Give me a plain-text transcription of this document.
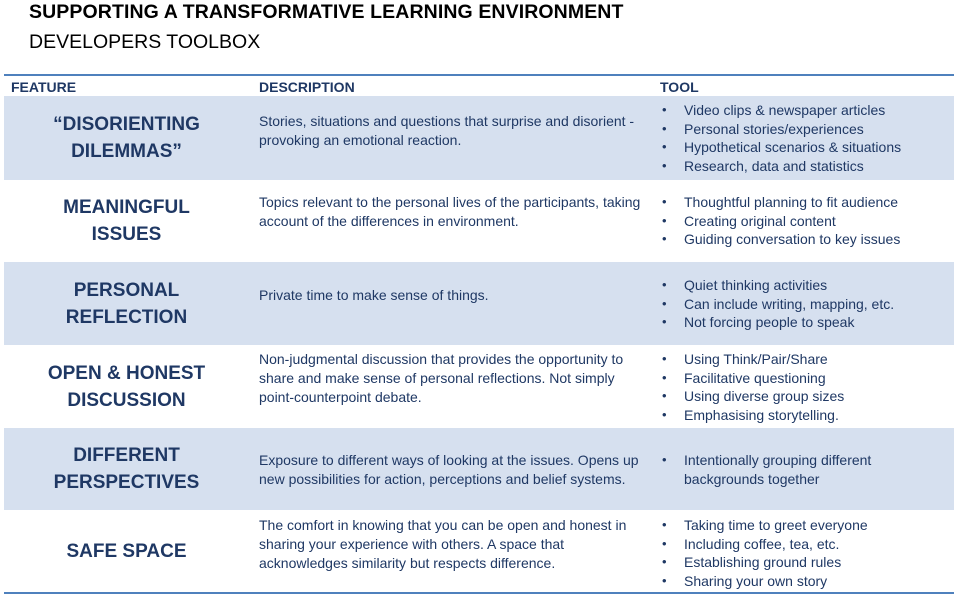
SUPPORTING A TRANSFORMATIVE LEARNING ENVIRONMENT
DEVELOPERS TOOLBOX
FEATURE	DESCRIPTION	TOOL
“DISORIENTING DILEMMAS”
Stories, situations and questions that surprise and disorient - provoking an emotional reaction.
• Video clips & newspaper articles
• Personal stories/experiences
• Hypothetical scenarios & situations
• Research, data and statistics
MEANINGFUL ISSUES
Topics relevant to the personal lives of the participants, taking account of the differences in environment.
• Thoughtful planning to fit audience
• Creating original content
• Guiding conversation to key issues
PERSONAL REFLECTION
Private time to make sense of things.
• Quiet thinking activities
• Can include writing, mapping, etc.
• Not forcing people to speak
OPEN & HONEST DISCUSSION
Non-judgmental discussion that provides the opportunity to share and make sense of personal reflections. Not simply point-counterpoint debate.
• Using Think/Pair/Share
• Facilitative questioning
• Using diverse group sizes
• Emphasising storytelling.
DIFFERENT PERSPECTIVES
Exposure to different ways of looking at the issues. Opens up new possibilities for action, perceptions and belief systems.
• Intentionally grouping different backgrounds together
SAFE SPACE
The comfort in knowing that you can be open and honest in sharing your experience with others. A space that acknowledges similarity but respects difference.
• Taking time to greet everyone
• Including coffee, tea, etc.
• Establishing ground rules
• Sharing your own story
